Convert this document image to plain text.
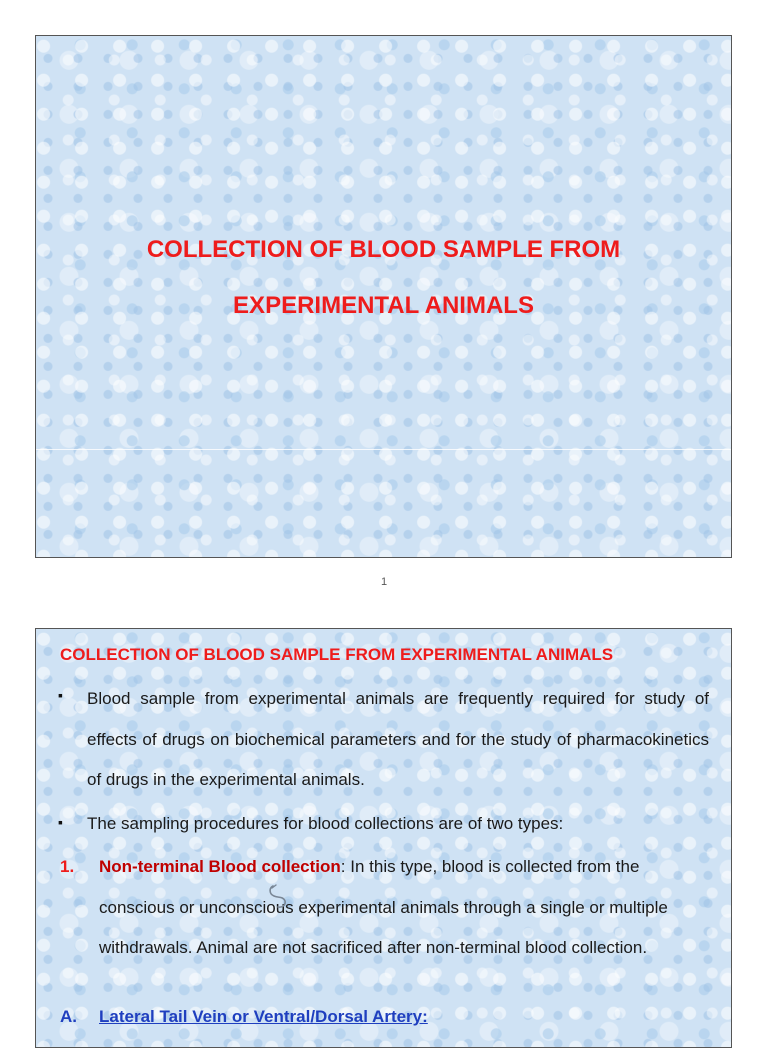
COLLECTION OF BLOOD SAMPLE FROM
EXPERIMENTAL ANIMALS
1
COLLECTION OF BLOOD SAMPLE FROM EXPERIMENTAL ANIMALS
▪ Blood sample from experimental animals are frequently required for study of effects of drugs on biochemical parameters and for the study of pharmacokinetics of drugs in the experimental animals.
▪ The sampling procedures for blood collections are of two types:
1. Non-terminal Blood collection: In this type, blood is collected from the conscious or unconscious experimental animals through a single or multiple withdrawals. Animal are not sacrificed after non-terminal blood collection.
A. Lateral Tail Vein or Ventral/Dorsal Artery:
